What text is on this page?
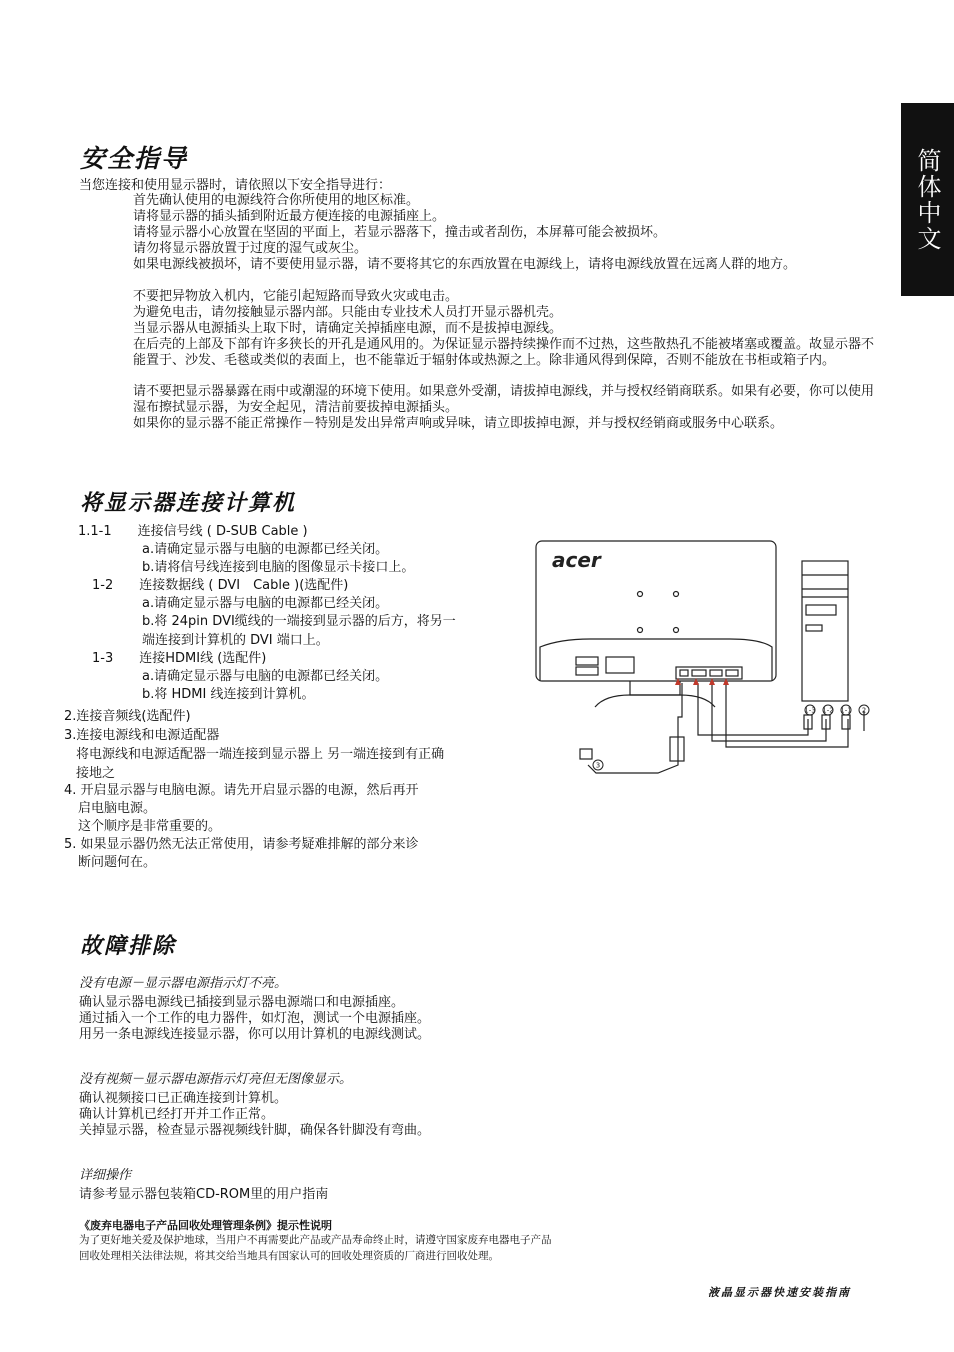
简体中文
安全指导
当您连接和使用显示器时，请依照以下安全指导进行：
首先确认使用的电源线符合你所使用的地区标准。
请将显示器的插头插到附近最方便连接的电源插座上。
请将显示器小心放置在坚固的平面上，若显示器落下，撞击或者刮伤，本屏幕可能会被损坏。
请勿将显示器放置于过度的湿气或灰尘。
如果电源线被损坏，请不要使用显示器，请不要将其它的东西放置在电源线上，请将电源线放置在远离人群的地方。
不要把异物放入机内，它能引起短路而导致火灾或电击。
为避免电击，请勿接触显示器内部。只能由专业技术人员打开显示器机壳。
当显示器从电源插头上取下时，请确定关掉插座电源，而不是拔掉电源线。
在后壳的上部及下部有许多狭长的开孔是通风用的。为保证显示器持续操作而不过热，这些散热孔不能被堵塞或覆盖。故显示器不能置于、沙发、毛毯或类似的表面上，也不能靠近于辐射体或热源之上。除非通风得到保障，否则不能放在书柜或箱子内。
请不要把显示器暴露在雨中或潮湿的环境下使用。如果意外受潮，请拔掉电源线，并与授权经销商联系。如果有必要，你可以使用湿布擦拭显示器，为安全起见，清洁前要拔掉电源插头。
如果你的显示器不能正常操作－特别是发出异常声响或异味，请立即拔掉电源，并与授权经销商或服务中心联系。
将显示器连接计算机
1.1-1　　连接信号线 ( D-SUB Cable )
a.请确定显示器与电脑的电源都已经关闭。
b.请将信号线连接到电脑的图像显示卡接口上。
1-2　　连接数据线 ( DVI　Cable )(选配件)
a.请确定显示器与电脑的电源都已经关闭。
b.将 24pin DVI缆线的一端接到显示器的后方，将另一
端连接到计算机的 DVI 端口上。
1-3　　连接HDMI线 (选配件)
a.请确定显示器与电脑的电源都已经关闭。
b.将 HDMI 线连接到计算机。
2.连接音频线(选配件)
3.连接电源线和电源适配器
将电源线和电源适配器一端连接到显示器上 另一端连接到有正确
接地之
4. 开启显示器与电脑电源。请先开启显示器的电源，然后再开
启电脑电源。
这个顺序是非常重要的。
5. 如果显示器仍然无法正常使用，请参考疑难排解的部分来诊
断问题何在。
acer
1-3 1-2 1-1 2
3
故障排除
没有电源－显示器电源指示灯不亮。
确认显示器电源线已插接到显示器电源端口和电源插座。
通过插入一个工作的电力器件，如灯泡，测试一个电源插座。
用另一条电源线连接显示器，你可以用计算机的电源线测试。
没有视频－显示器电源指示灯亮但无图像显示。
确认视频接口已正确连接到计算机。
确认计算机已经打开并工作正常。
关掉显示器，检查显示器视频线针脚，确保各针脚没有弯曲。
详细操作
请参考显示器包装箱CD-ROM里的用户指南
《废弃电器电子产品回收处理管理条例》提示性说明
为了更好地关爱及保护地球，当用户不再需要此产品或产品寿命终止时，请遵守国家废弃电器电子产品
回收处理相关法律法规，将其交给当地具有国家认可的回收处理资质的厂商进行回收处理。
液晶显示器快速安装指南
